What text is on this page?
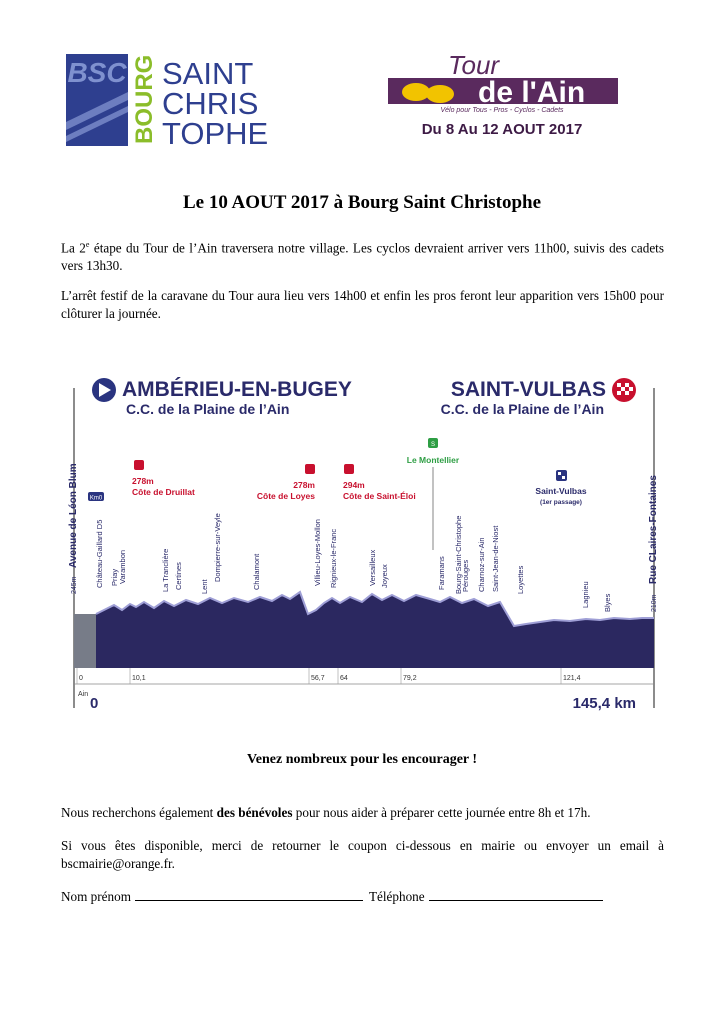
BSC BOURG SAINT
CHRIS
TOPHE
Tour
de l'Ain
Vélo pour Tous - Pros - Cyclos - Cadets
Du 8 Au 12 AOUT 2017
Le 10 AOUT 2017 à Bourg Saint Christophe
La 2e étape du Tour de l’Ain traversera notre village. Les cyclos devraient arriver vers 11h00, suivis des cadets vers 13h30.
L’arrêt festif de la caravane du Tour aura lieu vers 14h00 et enfin les pros feront leur apparition vers 15h00 pour clôturer la journée.
AMBÉRIEU-EN-BUGEY
C.C. de la Plaine de l’Ain
SAINT-VULBAS
C.C. de la Plaine de l’Ain
245m
Avenue de Léon Blum
210m
Rue CLaires-Fontaines
Km0
278m
Côte de Druillat
278m
Côte de Loyes
294m
Côte de Saint-Éloi
S
Le Montellier
Saint-Vulbas
(1er passage)
Château-Gaillard D5 Priay Varambon	La Tranclière Certines Lent
Dompierre-sur-Veyle	Chalamont	Villieu-Loyes-Mollon Rignieux-le-Franc	Versailleux Joyeux	Faramans Bourg-Saint-Christophe
Pérouges Charnoz-sur-Ain Saint-Jean-de-Niost Loyettes
Lagnieu Blyes
0	10,1	56,7 64	79,2	121,4
Ain
0	145,4 km
Venez nombreux pour les encourager !
Nous recherchons également des bénévoles pour nous aider à préparer cette journée entre 8h et 17h.
Si vous êtes disponible, merci de retourner le coupon ci-dessous en mairie ou envoyer un email à bscmairie@orange.fr.
Nom prénom	Téléphone
